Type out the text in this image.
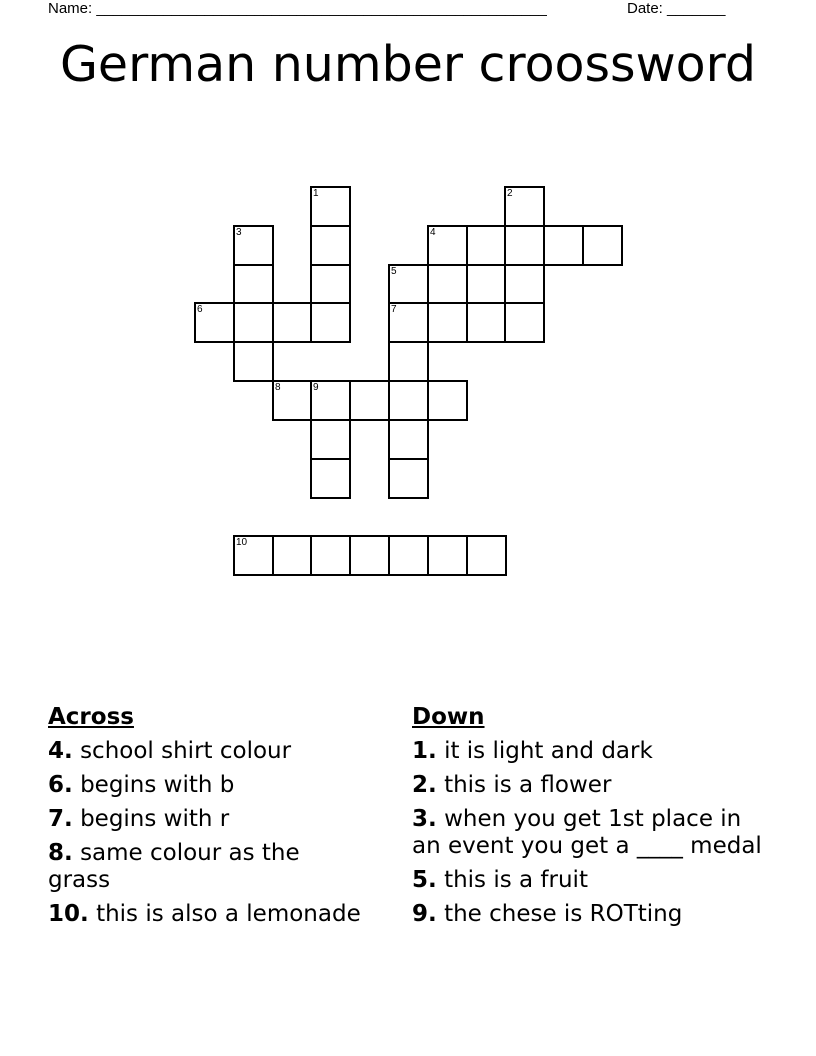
Name: ______________________________________________________	Date: _______
German number croossword
1	2
3	4
5
6	7
8	9
10
Across
4. school shirt colour
6. begins with b
7. begins with r
8. same colour as the grass
10. this is also a lemonade
Down
1. it is light and dark
2. this is a flower
3. when you get 1st place in an event you get a ____ medal
5. this is a fruit
9. the chese is ROTting
